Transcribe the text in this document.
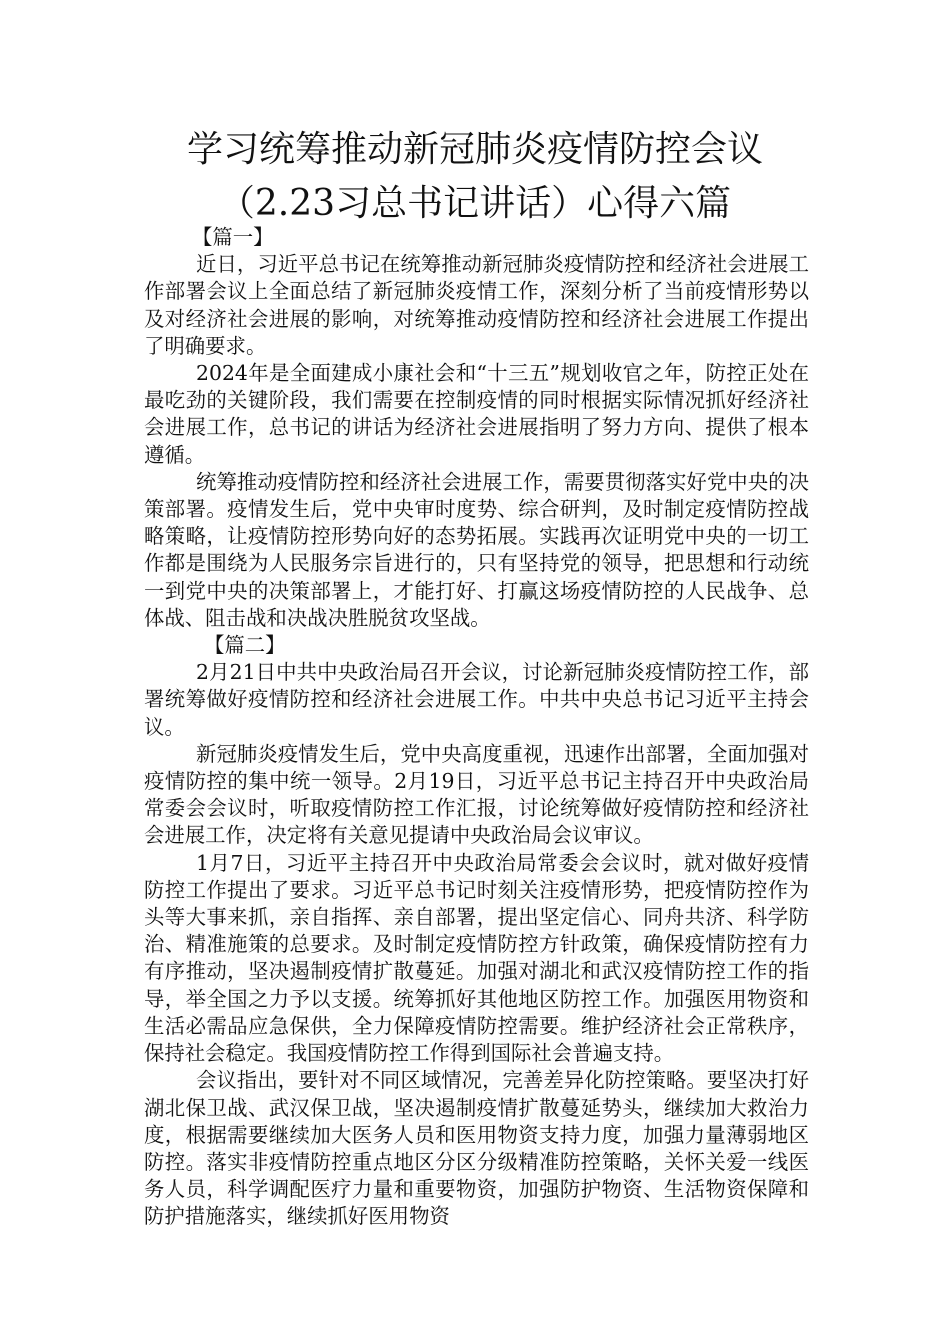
学习统筹推动新冠肺炎疫情防控会议
（2.23习总书记讲话）心得六篇

【篇一】

近日，习近平总书记在统筹推动新冠肺炎疫情防控和经济社会进展工作部署会议上全面总结了新冠肺炎疫情工作，深刻分析了当前疫情形势以及对经济社会进展的影响，对统筹推动疫情防控和经济社会进展工作提出了明确要求。

2024年是全面建成小康社会和“十三五”规划收官之年，防控正处在最吃劲的关键阶段，我们需要在控制疫情的同时根据实际情况抓好经济社会进展工作，总书记的讲话为经济社会进展指明了努力方向、提供了根本遵循。

统筹推动疫情防控和经济社会进展工作，需要贯彻落实好党中央的决策部署。疫情发生后，党中央审时度势、综合研判，及时制定疫情防控战略策略，让疫情防控形势向好的态势拓展。实践再次证明党中央的一切工作都是围绕为人民服务宗旨进行的，只有坚持党的领导，把思想和行动统一到党中央的决策部署上，才能打好、打赢这场疫情防控的人民战争、总体战、阻击战和决战决胜脱贫攻坚战。

【篇二】

2月21日中共中央政治局召开会议，讨论新冠肺炎疫情防控工作，部署统筹做好疫情防控和经济社会进展工作。中共中央总书记习近平主持会议。

新冠肺炎疫情发生后，党中央高度重视，迅速作出部署，全面加强对疫情防控的集中统一领导。2月19日，习近平总书记主持召开中央政治局常委会会议时，听取疫情防控工作汇报，讨论统筹做好疫情防控和经济社会进展工作，决定将有关意见提请中央政治局会议审议。

1月7日，习近平主持召开中央政治局常委会会议时，就对做好疫情防控工作提出了要求。习近平总书记时刻关注疫情形势，把疫情防控作为头等大事来抓，亲自指挥、亲自部署，提出坚定信心、同舟共济、科学防治、精准施策的总要求。及时制定疫情防控方针政策，确保疫情防控有力有序推动，坚决遏制疫情扩散蔓延。加强对湖北和武汉疫情防控工作的指导，举全国之力予以支援。统筹抓好其他地区防控工作。加强医用物资和生活必需品应急保供，全力保障疫情防控需要。维护经济社会正常秩序，保持社会稳定。我国疫情防控工作得到国际社会普遍支持。

会议指出，要针对不同区域情况，完善差异化防控策略。要坚决打好湖北保卫战、武汉保卫战，坚决遏制疫情扩散蔓延势头，继续加大救治力度，根据需要继续加大医务人员和医用物资支持力度，加强力量薄弱地区防控。落实非疫情防控重点地区分区分级精准防控策略，关怀关爱一线医务人员，科学调配医疗力量和重要物资，加强防护物资、生活物资保障和防护措施落实，继续抓好医用物资
